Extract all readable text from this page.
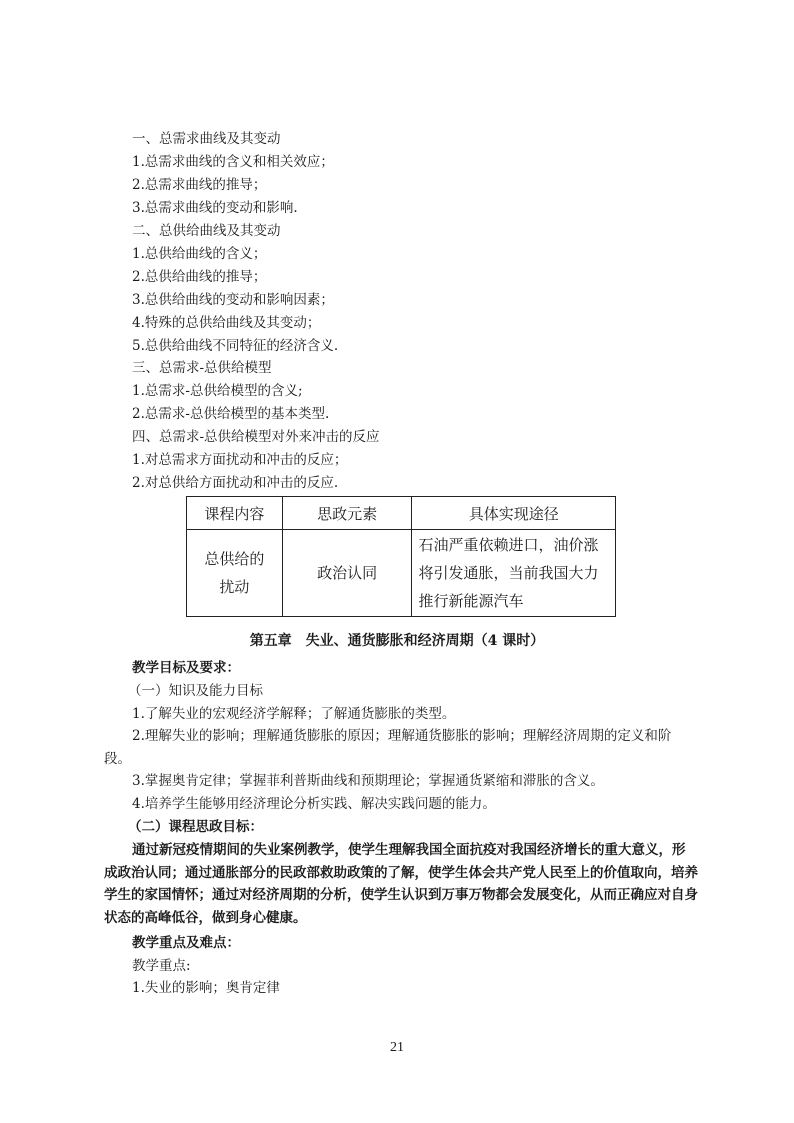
一、总需求曲线及其变动
1.总需求曲线的含义和相关效应；
2.总需求曲线的推导；
3.总需求曲线的变动和影响.
二、总供给曲线及其变动
1.总供给曲线的含义；
2.总供给曲线的推导；
3.总供给曲线的变动和影响因素；
4.特殊的总供给曲线及其变动；
5.总供给曲线不同特征的经济含义.
三、总需求-总供给模型
1.总需求-总供给模型的含义;
2.总需求-总供给模型的基本类型.
四、总需求-总供给模型对外来冲击的反应
1.对总需求方面扰动和冲击的反应；
2.对总供给方面扰动和冲击的反应.
课程内容	思政元素	具体实现途径
总供给的扰动	政治认同	石油严重依赖进口，油价涨将引发通胀，当前我国大力推行新能源汽车
第五章　失业、通货膨胀和经济周期（4 课时）
教学目标及要求：
（一）知识及能力目标
1.了解失业的宏观经济学解释；了解通货膨胀的类型。
2.理解失业的影响；理解通货膨胀的原因；理解通货膨胀的影响；理解经济周期的定义和阶段。
3.掌握奥肯定律；掌握菲利普斯曲线和预期理论；掌握通货紧缩和滞胀的含义。
4.培养学生能够用经济理论分析实践、解决实践问题的能力。
（二）课程思政目标：
通过新冠疫情期间的失业案例教学，使学生理解我国全面抗疫对我国经济增长的重大意义，形成政治认同；通过通胀部分的民政部救助政策的了解，使学生体会共产党人民至上的价值取向，培养学生的家国情怀；通过对经济周期的分析，使学生认识到万事万物都会发展变化，从而正确应对自身状态的高峰低谷，做到身心健康。
教学重点及难点：
教学重点:
1.失业的影响；奥肯定律
21
